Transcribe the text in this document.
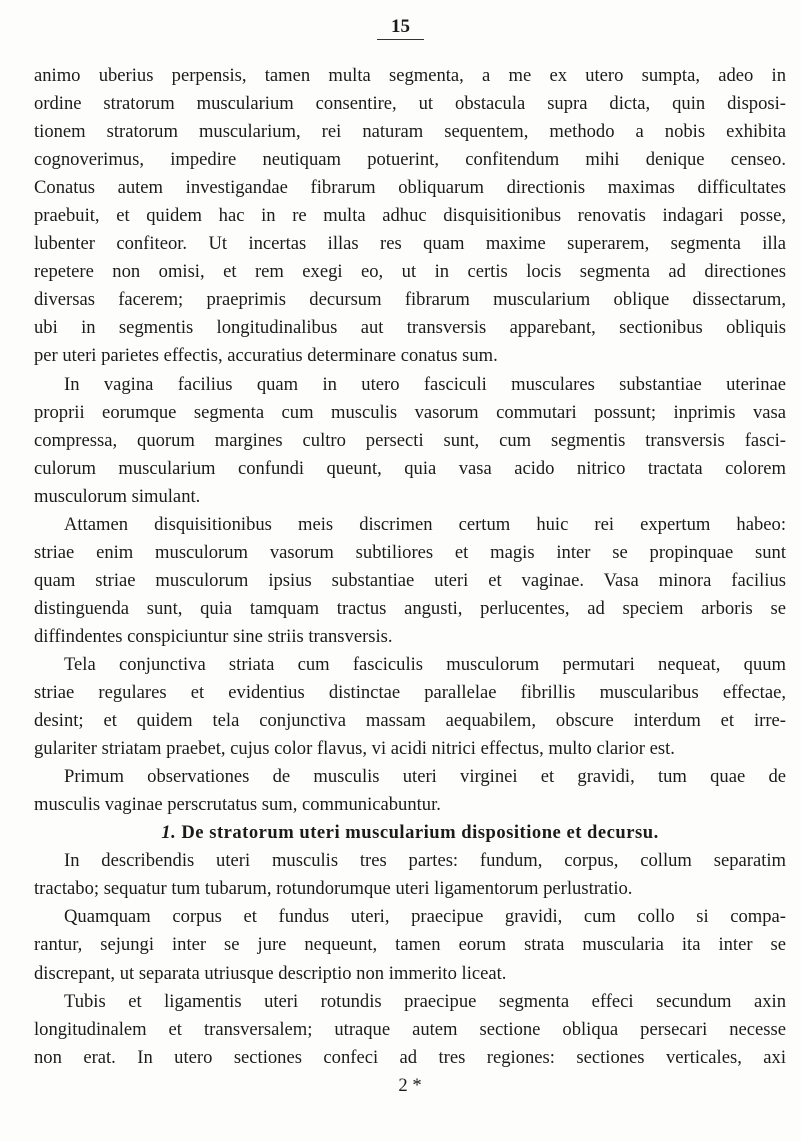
15
animo uberius perpensis, tamen multa segmenta, a me ex utero sumpta, adeo in
ordine stratorum muscularium consentire, ut obstacula supra dicta, quin disposi-
tionem stratorum muscularium, rei naturam sequentem, methodo a nobis exhibita
cognoverimus, impedire neutiquam potuerint, confitendum mihi denique censeo.
Conatus autem investigandae fibrarum obliquarum directionis maximas difficultates
praebuit, et quidem hac in re multa adhuc disquisitionibus renovatis indagari posse,
lubenter confiteor. Ut incertas illas res quam maxime superarem, segmenta illa
repetere non omisi, et rem exegi eo, ut in certis locis segmenta ad directiones
diversas facerem; praeprimis decursum fibrarum muscularium oblique dissectarum,
ubi in segmentis longitudinalibus aut transversis apparebant, sectionibus obliquis
per uteri parietes effectis, accuratius determinare conatus sum.
In vagina facilius quam in utero fasciculi musculares substantiae uterinae
proprii eorumque segmenta cum musculis vasorum commutari possunt; inprimis vasa
compressa, quorum margines cultro persecti sunt, cum segmentis transversis fasci-
culorum muscularium confundi queunt, quia vasa acido nitrico tractata colorem
musculorum simulant.
Attamen disquisitionibus meis discrimen certum huic rei expertum habeo:
striae enim musculorum vasorum subtiliores et magis inter se propinquae sunt
quam striae musculorum ipsius substantiae uteri et vaginae. Vasa minora facilius
distinguenda sunt, quia tamquam tractus angusti, perlucentes, ad speciem arboris se
diffindentes conspiciuntur sine striis transversis.
Tela conjunctiva striata cum fasciculis musculorum permutari nequeat, quum
striae regulares et evidentius distinctae parallelae fibrillis muscularibus effectae,
desint; et quidem tela conjunctiva massam aequabilem, obscure interdum et irre-
gulariter striatam praebet, cujus color flavus, vi acidi nitrici effectus, multo clarior est.
Primum observationes de musculis uteri virginei et gravidi, tum quae de
musculis vaginae perscrutatus sum, communicabuntur.
1. De stratorum uteri muscularium dispositione et decursu.
In describendis uteri musculis tres partes: fundum, corpus, collum separatim
tractabo; sequatur tum tubarum, rotundorumque uteri ligamentorum perlustratio.
Quamquam corpus et fundus uteri, praecipue gravidi, cum collo si compa-
rantur, sejungi inter se jure nequeunt, tamen eorum strata muscularia ita inter se
discrepant, ut separata utriusque descriptio non immerito liceat.
Tubis et ligamentis uteri rotundis praecipue segmenta effeci secundum axin
longitudinalem et transversalem; utraque autem sectione obliqua persecari necesse
non erat. In utero sectiones confeci ad tres regiones: sectiones verticales, axi
2 *
